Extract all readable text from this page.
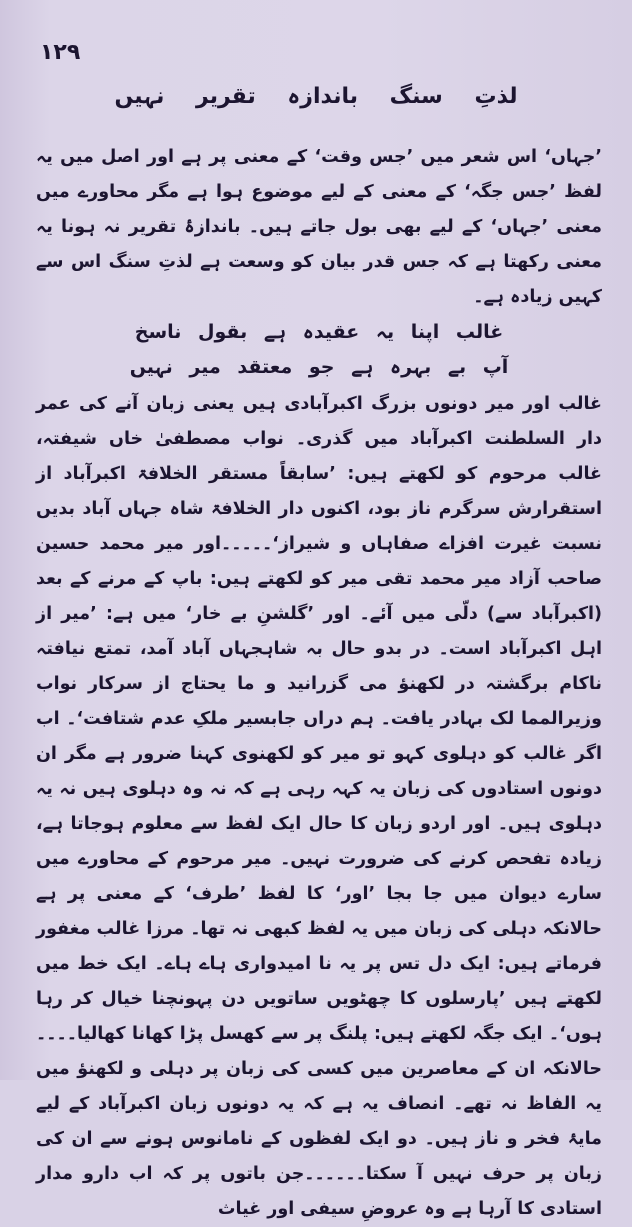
۱۲۹
لذتِ سنگ باندازہ تقریر نہیں

’جہاں‘ اس شعر میں ’جس وقت‘ کے معنی پر ہے اور اصل میں یہ لفظ ’جس جگہ‘ کے معنی کے لیے موضوع ہوا ہے مگر محاورے میں معنی ’جہاں‘ کے لیے بھی بول جاتے ہیں۔ باندازۂ تقریر نہ ہونا یہ معنی رکھتا ہے کہ جس قدر بیان کو وسعت ہے لذتِ سنگ اس سے کہیں زیادہ ہے۔

غالب اپنا یہ عقیدہ ہے بقول ناسخ

آپ بے بہرہ ہے جو معتقد میر نہیں

غالب اور میر دونوں بزرگ اکبرآبادی ہیں یعنی زبان آنے کی عمر دار السلطنت اکبرآباد میں گذری۔ نواب مصطفیٰ خاں شیفتہ، غالب مرحوم کو لکھتے ہیں: ’سابقاً مستقر الخلافۃ اکبرآباد از استقرارش سرگرم ناز بود، اکنوں دار الخلافۃ شاہ جہاں آباد بدیں نسبت غیرت افزاے صفاہاں و شیراز‘۔۔۔۔۔اور میر محمد حسین صاحب آزاد میر محمد تقی میر کو لکھتے ہیں: باپ کے مرنے کے بعد (اکبرآباد سے) دلّی میں آئے۔ اور ’گلشنِ بے خار‘ میں ہے: ’میر از اہل اکبرآباد است۔ در بدو حال بہ شاہجہاں آباد آمد، تمتع نیافتہ ناکام برگشتہ در لکھنؤ می گزرانید و ما یحتاج از سرکار نواب وزیرالمما لک بہادر یافت۔ ہم دراں جابسیر ملکِ عدم شتافت‘۔ اب اگر غالب کو دہلوی کہو تو میر کو لکھنوی کہنا ضرور ہے مگر ان دونوں استادوں کی زبان یہ کہہ رہی ہے کہ نہ وہ دہلوی ہیں نہ یہ دہلوی ہیں۔ اور اردو زبان کا حال ایک لفظ سے معلوم ہوجاتا ہے، زیادہ تفحص کرنے کی ضرورت نہیں۔ میر مرحوم کے محاورے میں سارے دیوان میں جا بجا ’اور‘ کا لفظ ’طرف‘ کے معنی پر ہے حالانکہ دہلی کی زبان میں یہ لفظ کبھی نہ تھا۔ مرزا غالب مغفور فرماتے ہیں: ایک دل تس پر یہ نا امیدواری ہاے ہاے۔ ایک خط میں لکھتے ہیں ’پارسلوں کا چھٹویں ساتویں دن پہونچنا خیال کر رہا ہوں‘۔ ایک جگہ لکھتے ہیں: پلنگ پر سے کھسل پڑا کھانا کھالیا۔۔۔۔ حالانکہ ان کے معاصرین میں کسی کی زبان پر دہلی و لکھنؤ میں یہ الفاظ نہ تھے۔ انصاف یہ ہے کہ یہ دونوں زبان اکبرآباد کے لیے مایۂ فخر و ناز ہیں۔ دو ایک لفظوں کے نامانوس ہونے سے ان کی زبان پر حرف نہیں آ سکتا۔۔۔۔۔۔جن باتوں پر کہ اب دارو مدار استادی کا آرہا ہے وہ عروضِ سیفی اور غیاث
